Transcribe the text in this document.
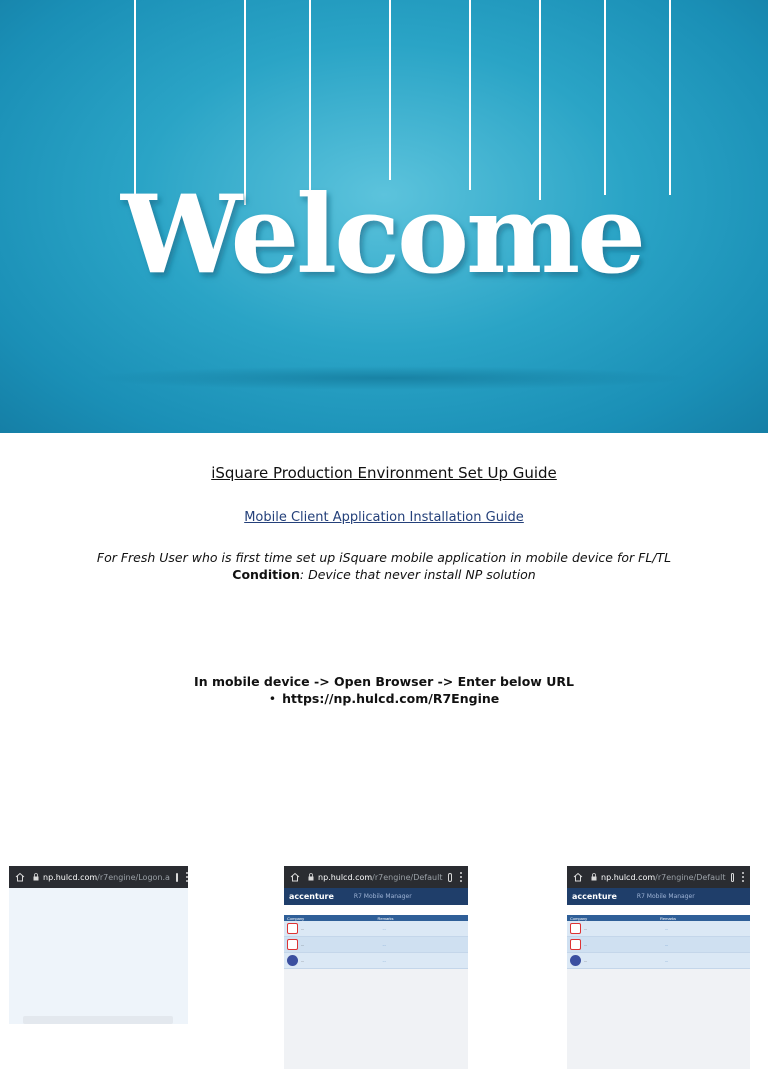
Welcome
iSquare Production Environment Set Up Guide
Mobile Client Application Installation Guide
For Fresh User who is first time set up iSquare mobile application in mobile device for FL/TL
Condition: Device that never install NP solution
In mobile device -> Open Browser -> Enter below URL
• https://np.hulcd.com/R7Engine
np.hulcd.com/r7engine/Logon.a	np.hulcd.com/r7engine/Default
accenture	R7 Mobile Manager
Company	Remarks
...	...
...	...
...	...
np.hulcd.com/r7engine/Default
accenture	R7 Mobile Manager
Company	Remarks
...	...
...	...
...	...
